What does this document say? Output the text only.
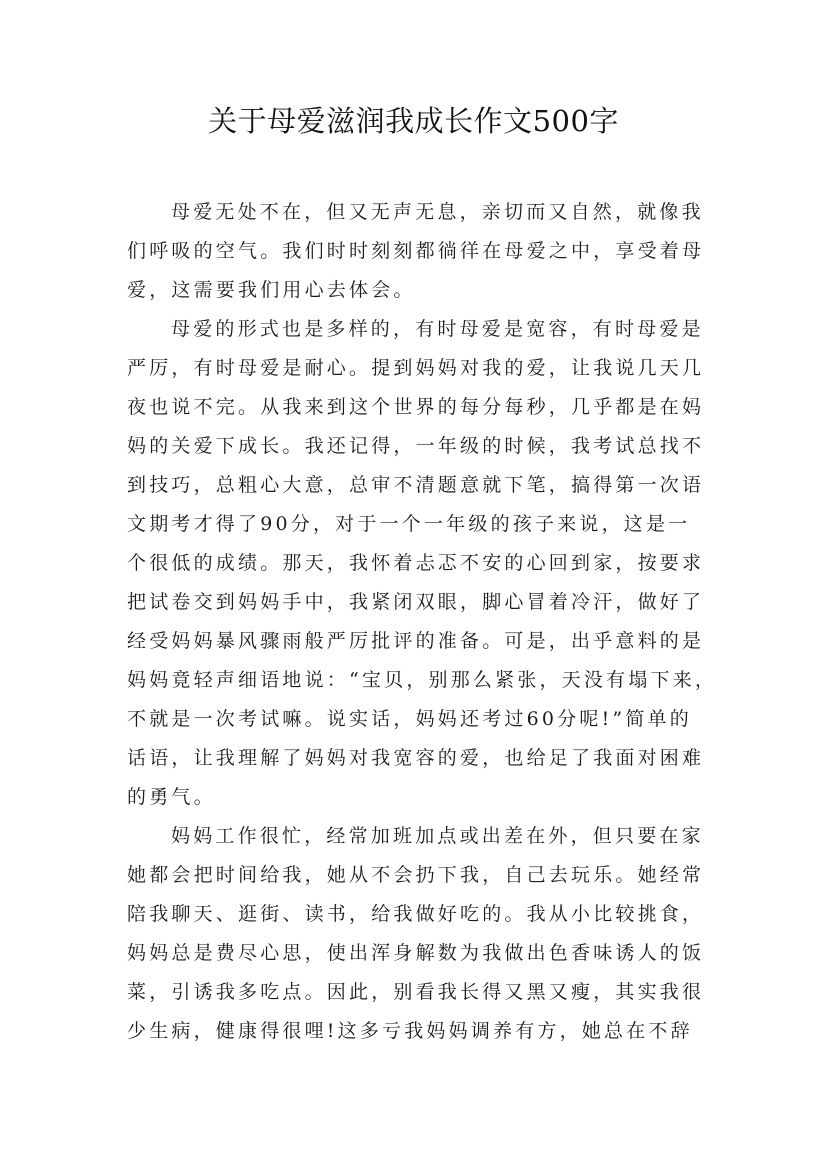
关于母爱滋润我成长作文500字
母爱无处不在，但又无声无息，亲切而又自然，就像我
们呼吸的空气。我们时时刻刻都徜徉在母爱之中，享受着母
爱，这需要我们用心去体会。
母爱的形式也是多样的，有时母爱是宽容，有时母爱是
严厉，有时母爱是耐心。提到妈妈对我的爱，让我说几天几
夜也说不完。从我来到这个世界的每分每秒，几乎都是在妈
妈的关爱下成长。我还记得，一年级的时候，我考试总找不
到技巧，总粗心大意，总审不清题意就下笔，搞得第一次语
文期考才得了90分，对于一个一年级的孩子来说，这是一
个很低的成绩。那天，我怀着忐忑不安的心回到家，按要求
把试卷交到妈妈手中，我紧闭双眼，脚心冒着冷汗，做好了
经受妈妈暴风骤雨般严厉批评的准备。可是，出乎意料的是
妈妈竟轻声细语地说：“宝贝，别那么紧张，天没有塌下来，
不就是一次考试嘛。说实话，妈妈还考过60分呢!”简单的
话语，让我理解了妈妈对我宽容的爱，也给足了我面对困难
的勇气。
妈妈工作很忙，经常加班加点或出差在外，但只要在家
她都会把时间给我，她从不会扔下我，自己去玩乐。她经常
陪我聊天、逛街、读书，给我做好吃的。我从小比较挑食，
妈妈总是费尽心思，使出浑身解数为我做出色香味诱人的饭
菜，引诱我多吃点。因此，别看我长得又黑又瘦，其实我很
少生病，健康得很哩!这多亏我妈妈调养有方，她总在不辞
